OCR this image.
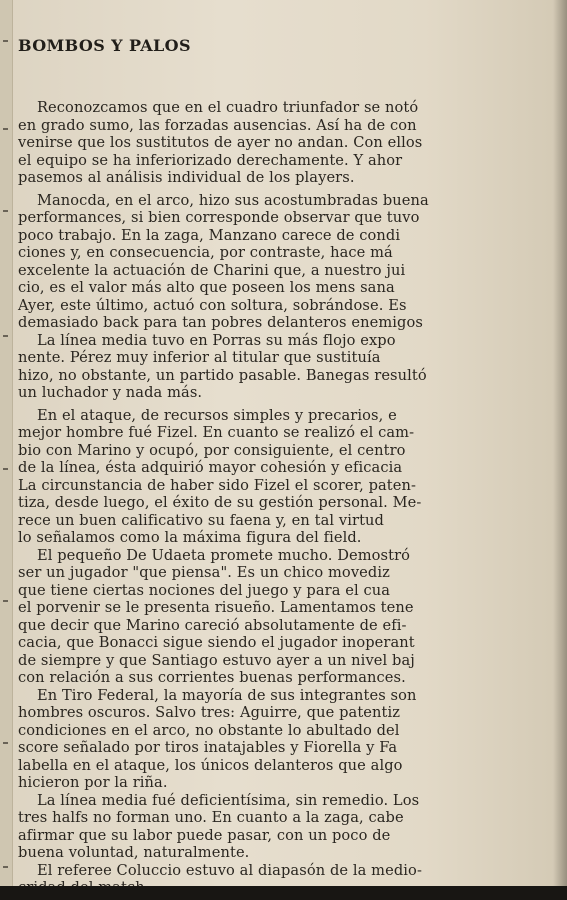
BOMBOS Y PALOS

Reconozcamos que en el cuadro triunfador se notó
en grado sumo, las forzadas ausencias. Así ha de con
venirse que los sustitutos de ayer no andan. Con ellos
el equipo se ha inferiorizado derechamente. Y ahor
pasemos al análisis individual de los players.
Manocda, en el arco, hizo sus acostumbradas buena
performances, si bien corresponde observar que tuvo
poco trabajo. En la zaga, Manzano carece de condi
ciones y, en consecuencia, por contraste, hace má
excelente la actuación de Charini que, a nuestro jui
cio, es el valor más alto que poseen los mens sana
Ayer, este último, actuó con soltura, sobrándose. Es
demasiado back para tan pobres delanteros enemigos
La línea media tuvo en Porras su más flojo expo
nente. Pérez muy inferior al titular que sustituía
hizo, no obstante, un partido pasable. Banegas resultó
un luchador y nada más.
En el ataque, de recursos simples y precarios, e
mejor hombre fué Fizel. En cuanto se realizó el cam-
bio con Marino y ocupó, por consiguiente, el centro
de la línea, ésta adquirió mayor cohesión y eficacia
La circunstancia de haber sido Fizel el scorer, paten-
tiza, desde luego, el éxito de su gestión personal. Me-
rece un buen calificativo su faena y, en tal virtud
lo señalamos como la máxima figura del field.
El pequeño De Udaeta promete mucho. Demostró
ser un jugador "que piensa". Es un chico movediz
que tiene ciertas nociones del juego y para el cua
el porvenir se le presenta risueño. Lamentamos tene
que decir que Marino careció absolutamente de efi-
cacia, que Bonacci sigue siendo el jugador inoperant
de siempre y que Santiago estuvo ayer a un nivel baj
con relación a sus corrientes buenas performances.
En Tiro Federal, la mayoría de sus integrantes son
hombres oscuros. Salvo tres: Aguirre, que patentiz
condiciones en el arco, no obstante lo abultado del
score señalado por tiros inatajables y Fiorella y Fa
labella en el ataque, los únicos delanteros que algo
hicieron por la riña.
La línea media fué deficientísima, sin remedio. Los
tres halfs no forman uno. En cuanto a la zaga, cabe
afirmar que su labor puede pasar, con un poco de
buena voluntad, naturalmente.
El referee Coluccio estuvo al diapasón de la medio-
